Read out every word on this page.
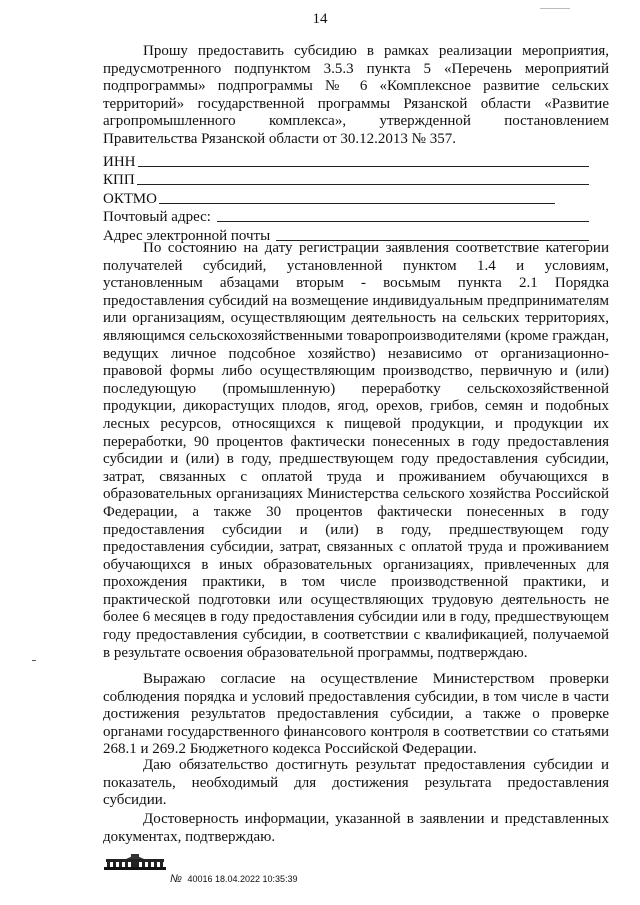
14

Прошу предоставить субсидию в рамках реализации мероприятия, предусмотренного подпунктом 3.5.3 пункта 5 «Перечень мероприятий подпрограммы» подпрограммы № 6 «Комплексное развитие сельских территорий» государственной программы Рязанской области «Развитие агропромышленного комплекса», утвержденной постановлением Правительства Рязанской области от 30.12.2013 № 357.

ИНН
КПП
ОКТМО
Почтовый адрес:
Адрес электронной почты

По состоянию на дату регистрации заявления соответствие категории получателей субсидий, установленной пунктом 1.4 и условиям, установленным абзацами вторым - восьмым пункта 2.1 Порядка предоставления субсидий на возмещение индивидуальным предпринимателям или организациям, осуществляющим деятельность на сельских территориях, являющимся сельскохозяйственными товаропроизводителями (кроме граждан, ведущих личное подсобное хозяйство) независимо от организационно-правовой формы либо осуществляющим производство, первичную и (или) последующую (промышленную) переработку сельскохозяйственной продукции, дикорастущих плодов, ягод, орехов, грибов, семян и подобных лесных ресурсов, относящихся к пищевой продукции, и продукции их переработки, 90 процентов фактически понесенных в году предоставления субсидии и (или) в году, предшествующем году предоставления субсидии, затрат, связанных с оплатой труда и проживанием обучающихся в образовательных организациях Министерства сельского хозяйства Российской Федерации, а также 30 процентов фактически понесенных в году предоставления субсидии и (или) в году, предшествующем году предоставления субсидии, затрат, связанных с оплатой труда и проживанием обучающихся в иных образовательных организациях, привлеченных для прохождения практики, в том числе производственной практики, и практической подготовки или осуществляющих трудовую деятельность не более 6 месяцев в году предоставления субсидии или в году, предшествующем году предоставления субсидии, в соответствии с квалификацией, получаемой в результате освоения образовательной программы, подтверждаю.

Выражаю согласие на осуществление Министерством проверки соблюдения порядка и условий предоставления субсидии, в том числе в части достижения результатов предоставления субсидии, а также о проверке органами государственного финансового контроля в соответствии со статьями 268.1 и 269.2 Бюджетного кодекса Российской Федерации.

Даю обязательство достигнуть результат предоставления субсидии и показатель, необходимый для достижения результата предоставления субсидии.

Достоверность информации, указанной в заявлении и представленных документах, подтверждаю.

№ 40016 18.04.2022 10:35:39
